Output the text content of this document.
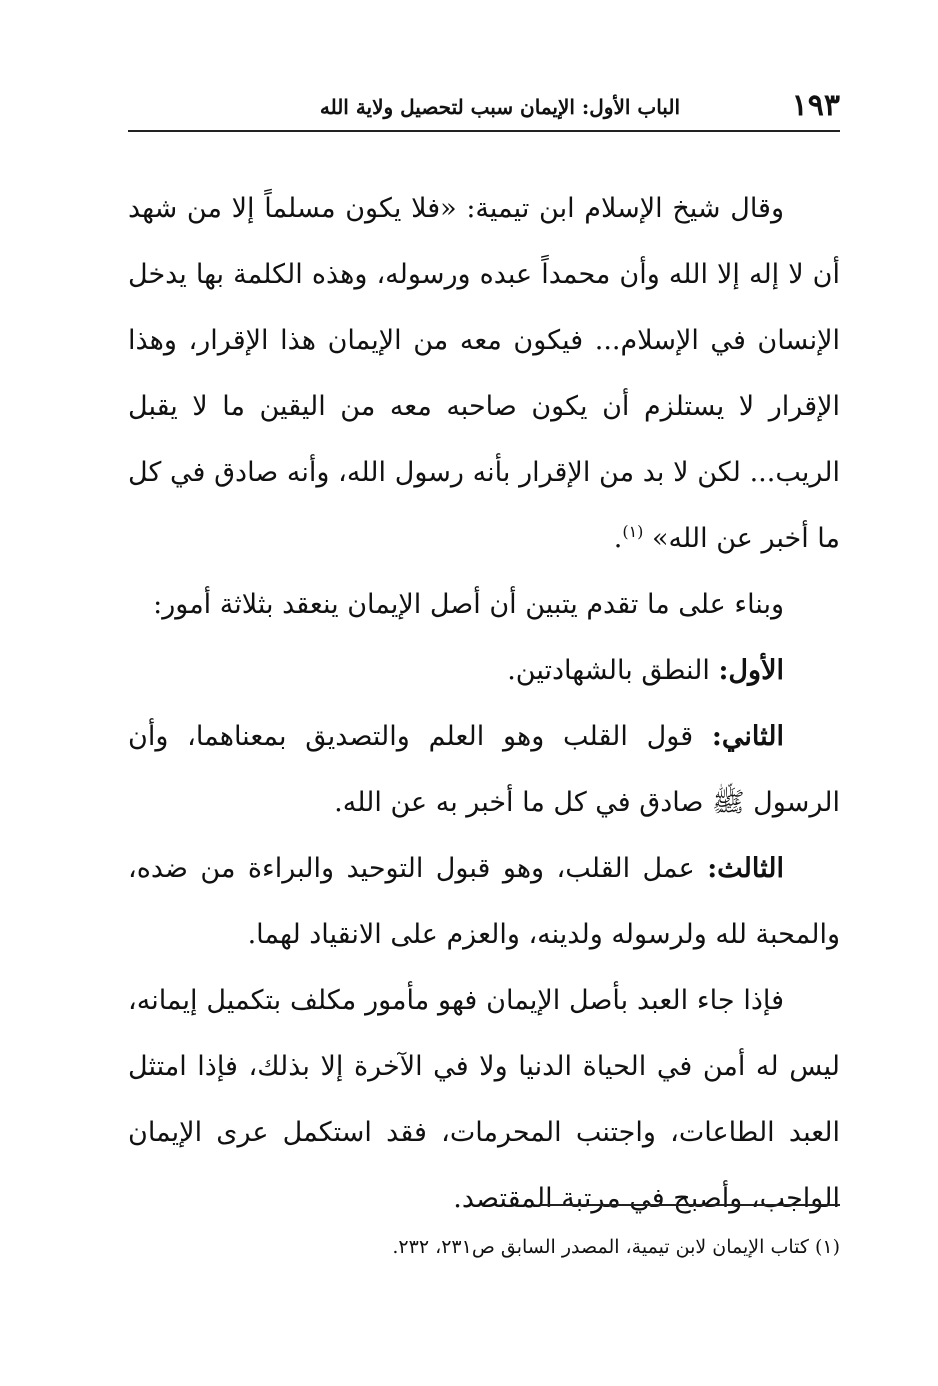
١٩٣
الباب الأول: الإيمان سبب لتحصيل ولاية الله

وقال شيخ الإسلام ابن تيمية: «فلا يكون مسلماً إلا من شهد أن لا إله إلا الله وأن محمداً عبده ورسوله، وهذه الكلمة بها يدخل الإنسان في الإسلام... فيكون معه من الإيمان هذا الإقرار، وهذا الإقرار لا يستلزم أن يكون صاحبه معه من اليقين ما لا يقبل الريب... لكن لا بد من الإقرار بأنه رسول الله، وأنه صادق في كل ما أخبر عن الله» $^{(١)}$.

وبناء على ما تقدم يتبين أن أصل الإيمان ينعقد بثلاثة أمور:

الأول: النطق بالشهادتين.

الثاني: قول القلب وهو العلم والتصديق بمعناهما، وأن الرسول ﷺ صادق في كل ما أخبر به عن الله.

الثالث: عمل القلب، وهو قبول التوحيد والبراءة من ضده، والمحبة لله ولرسوله ولدينه، والعزم على الانقياد لهما.

فإذا جاء العبد بأصل الإيمان فهو مأمور مكلف بتكميل إيمانه، ليس له أمن في الحياة الدنيا ولا في الآخرة إلا بذلك، فإذا امتثل العبد الطاعات، واجتنب المحرمات، فقد استكمل عرى الإيمان الواجب، وأصبح في مرتبة المقتصد.

(١) كتاب الإيمان لابن تيمية، المصدر السابق ص٢٣١، ٢٣٢.
